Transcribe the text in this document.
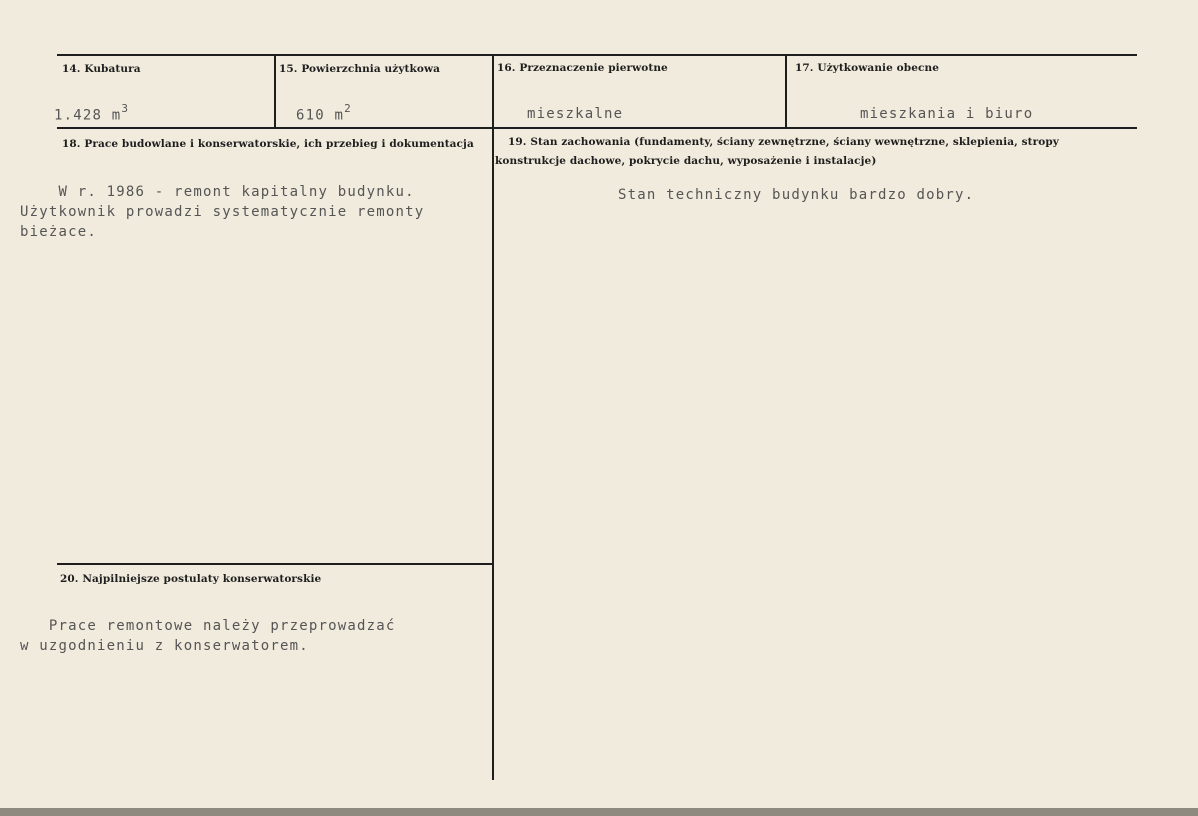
14. Kubatura	15. Powierzchnia użytkowa	16. Przeznaczenie pierwotne	17. Użytkowanie obecne
1.428 $m^3$	610 $m^2$	mieszkalne	mieszkania i biuro
18. Prace budowlane i konserwatorskie, ich przebieg i dokumentacja
W r. 1986 - remont kapitalny budynku.
Użytkownik prowadzi systematycznie remonty
bieżace.
19. Stan zachowania (fundamenty, ściany zewnętrzne, ściany wewnętrzne, sklepienia, stropy
konstrukcje dachowe, pokrycie dachu, wyposażenie i instalacje)
Stan techniczny budynku bardzo dobry.
20. Najpilniejsze postulaty konserwatorskie
Prace remontowe należy przeprowadzać
w uzgodnieniu z konserwatorem.
